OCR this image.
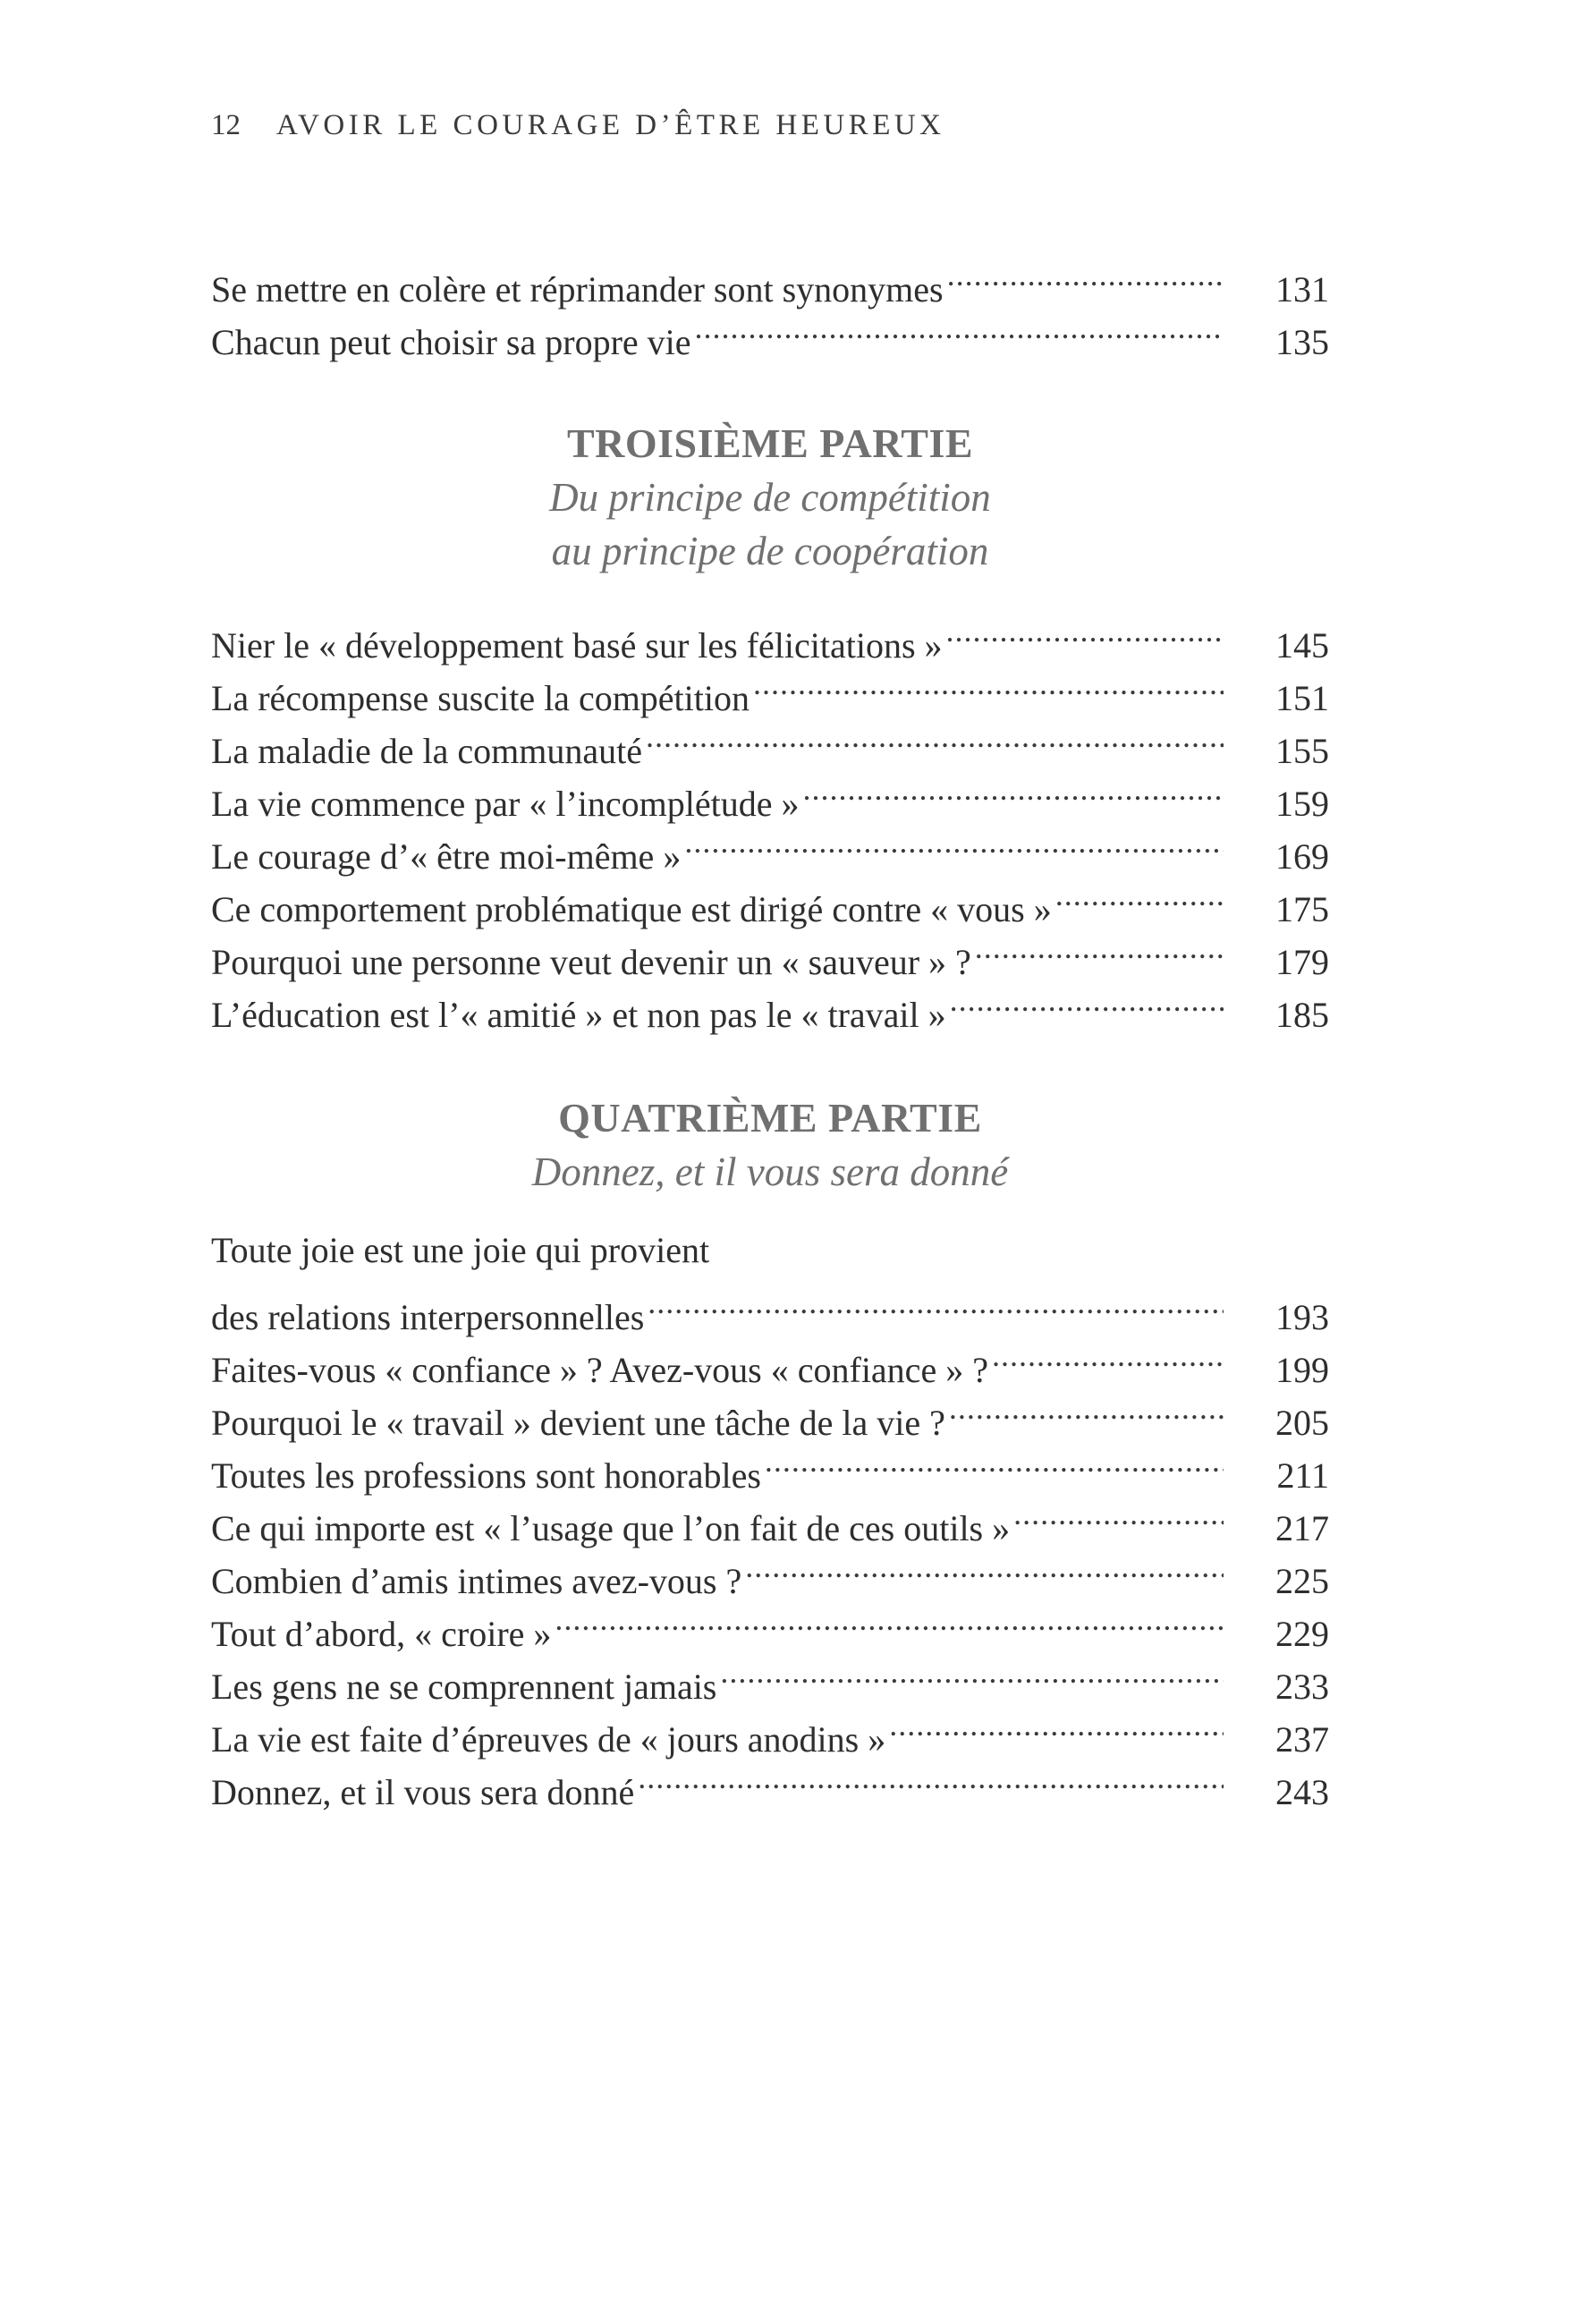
12 AVOIR LE COURAGE D’ÊTRE HEUREUX
Se mettre en colère et réprimander sont synonymes .....	131
Chacun peut choisir sa propre vie .....	135
TROISIÈME PARTIE
Du principe de compétition
au principe de coopération
Nier le « développement basé sur les félicitations » .....	145
La récompense suscite la compétition .....	151
La maladie de la communauté .....	155
La vie commence par « l’incomplétude » .....	159
Le courage d’« être moi-même » .....	169
Ce comportement problématique est dirigé contre « vous » .....	175
Pourquoi une personne veut devenir un « sauveur » ? .....	179
L’éducation est l’« amitié » et non pas le « travail » .....	185
QUATRIÈME PARTIE
Donnez, et il vous sera donné
Toute joie est une joie qui provient
des relations interpersonnelles .....	193
Faites-vous « confiance » ? Avez-vous « confiance » ? .....	199
Pourquoi le « travail » devient une tâche de la vie ? .....	205
Toutes les professions sont honorables .....	211
Ce qui importe est « l’usage que l’on fait de ces outils » .....	217
Combien d’amis intimes avez-vous ? .....	225
Tout d’abord, « croire » .....	229
Les gens ne se comprennent jamais .....	233
La vie est faite d’épreuves de « jours anodins » .....	237
Donnez, et il vous sera donné .....	243
